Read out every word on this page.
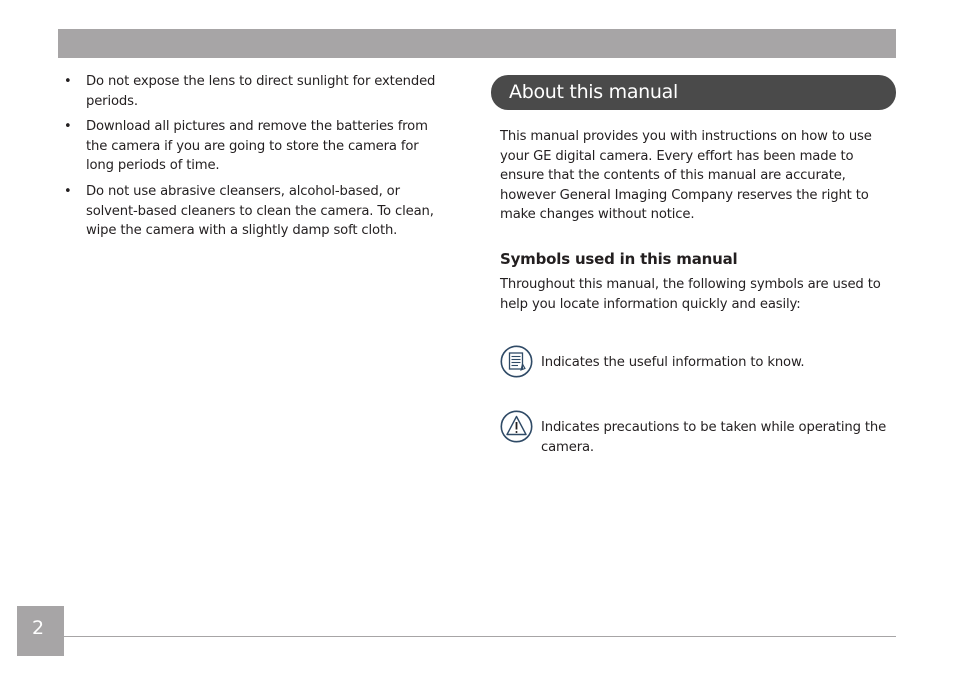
• Do not expose the lens to direct sunlight for extended periods.
• Download all pictures and remove the batteries from the camera if you are going to store the camera for long periods of time.
• Do not use abrasive cleansers, alcohol-based, or solvent-based cleaners to clean the camera. To clean, wipe the camera with a slightly damp soft cloth.
About this manual

This manual provides you with instructions on how to use your GE digital camera. Every effort has been made to ensure that the contents of this manual are accurate, however General Imaging Company reserves the right to make changes without notice.

Symbols used in this manual

Throughout this manual, the following symbols are used to help you locate information quickly and easily:

Indicates the useful information to know.
Indicates precautions to be taken while operating the camera.
2
